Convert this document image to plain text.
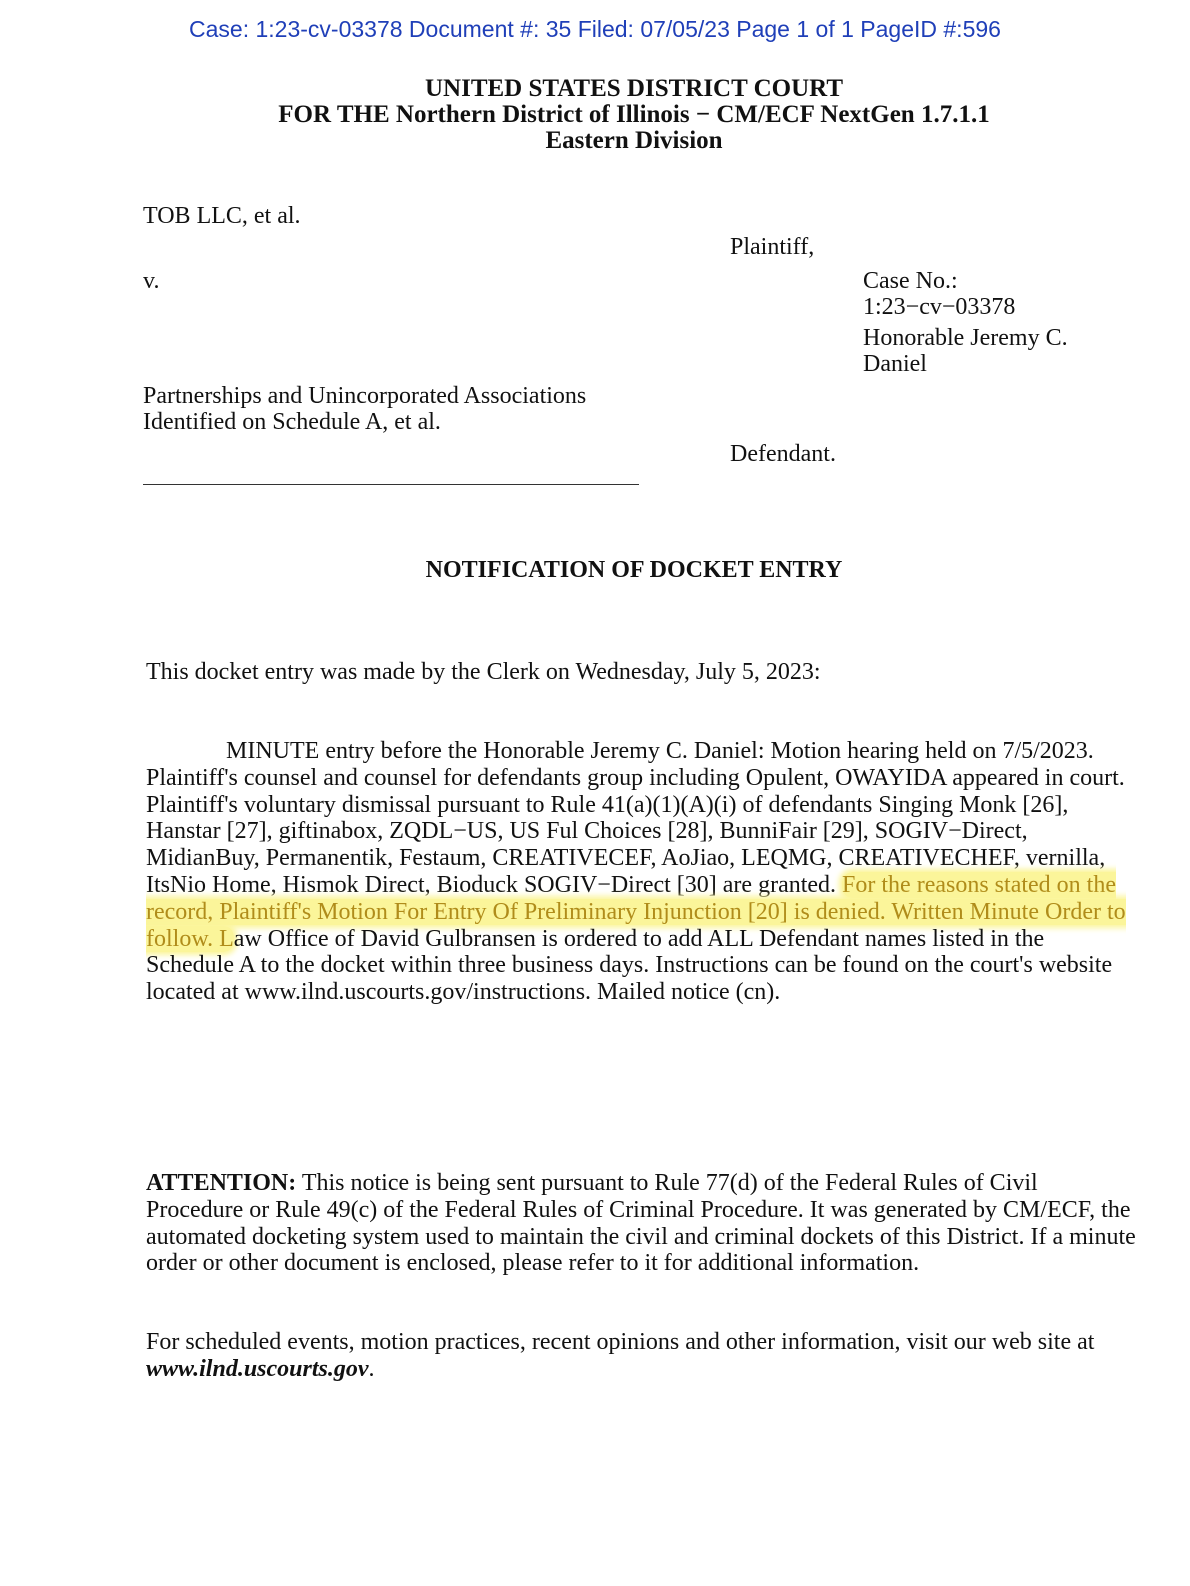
Case: 1:23-cv-03378 Document #: 35 Filed: 07/05/23 Page 1 of 1 PageID #:596
UNITED STATES DISTRICT COURT
FOR THE Northern District of Illinois − CM/ECF NextGen 1.7.1.1
Eastern Division
TOB LLC, et al.
Plaintiff,
v.	Case No.:
1:23−cv−03378
Honorable Jeremy C.
Daniel
Partnerships and Unincorporated Associations
Identified on Schedule A, et al.
Defendant.
NOTIFICATION OF DOCKET ENTRY
This docket entry was made by the Clerk on Wednesday, July 5, 2023:
MINUTE entry before the Honorable Jeremy C. Daniel: Motion hearing held on 7/5/2023. Plaintiff's counsel and counsel for defendants group including Opulent, OWAYIDA appeared in court. Plaintiff's voluntary dismissal pursuant to Rule 41(a)(1)(A)(i) of defendants Singing Monk [26], Hanstar [27], giftinabox, ZQDL−US, US Ful Choices [28], BunniFair [29], SOGIV−Direct, MidianBuy, Permanentik, Festaum, CREATIVECEF, AoJiao, LEQMG, CREATIVECHEF, vernilla, ItsNio Home, Hismok Direct, Bioduck SOGIV−Direct [30] are granted. For the reasons stated on the record, Plaintiff's Motion For Entry Of Preliminary Injunction [20] is denied. Written Minute Order to follow. Law Office of David Gulbransen is ordered to add ALL Defendant names listed in the Schedule A to the docket within three business days. Instructions can be found on the court's website located at www.ilnd.uscourts.gov/instructions. Mailed notice (cn).
ATTENTION: This notice is being sent pursuant to Rule 77(d) of the Federal Rules of Civil Procedure or Rule 49(c) of the Federal Rules of Criminal Procedure. It was generated by CM/ECF, the automated docketing system used to maintain the civil and criminal dockets of this District. If a minute order or other document is enclosed, please refer to it for additional information.
For scheduled events, motion practices, recent opinions and other information, visit our web site at www.ilnd.uscourts.gov.
